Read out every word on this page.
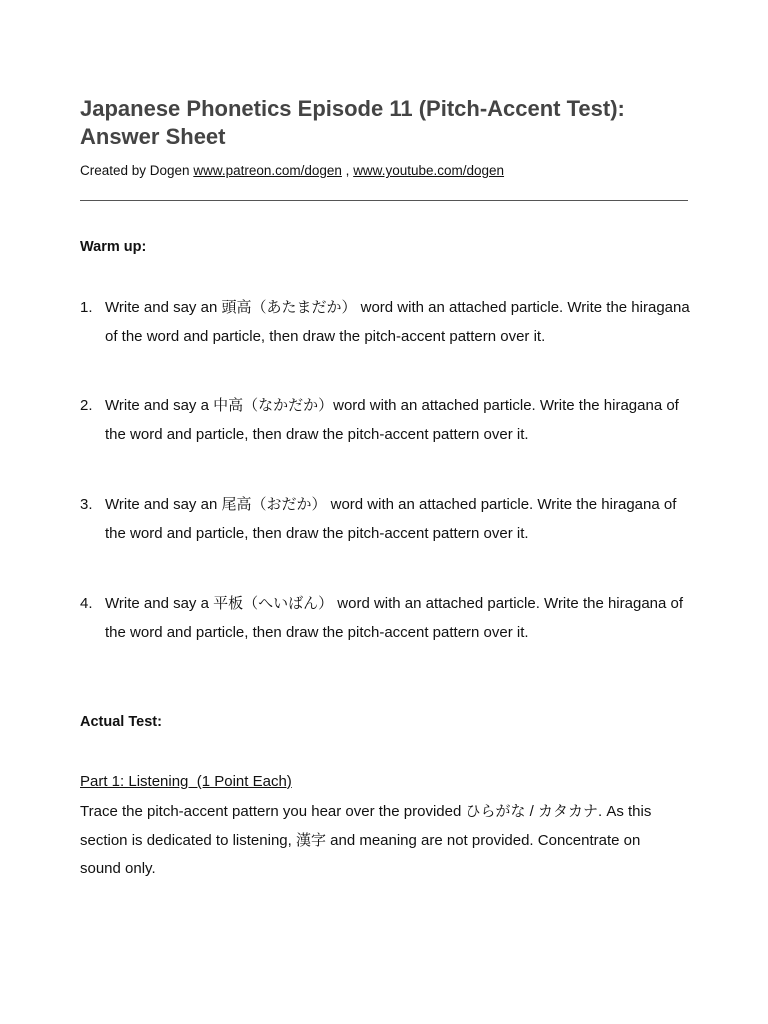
Japanese Phonetics Episode 11 (Pitch-Accent Test): Answer Sheet
Created by Dogen www.patreon.com/dogen , www.youtube.com/dogen
Warm up:
1. Write and say an 頭高（あたまだか） word with an attached particle. Write the hiragana of the word and particle, then draw the pitch-accent pattern over it.
2. Write and say a 中高（なかだか）word with an attached particle. Write the hiragana of the word and particle, then draw the pitch-accent pattern over it.
3. Write and say an 尾高（おだか） word with an attached particle. Write the hiragana of the word and particle, then draw the pitch-accent pattern over it.
4. Write and say a 平板（へいばん） word with an attached particle. Write the hiragana of the word and particle, then draw the pitch-accent pattern over it.
Actual Test:
Part 1: Listening  (1 Point Each)

Trace the pitch-accent pattern you hear over the provided ひらがな / カタカナ. As this section is dedicated to listening, 漢字 and meaning are not provided. Concentrate on sound only.
